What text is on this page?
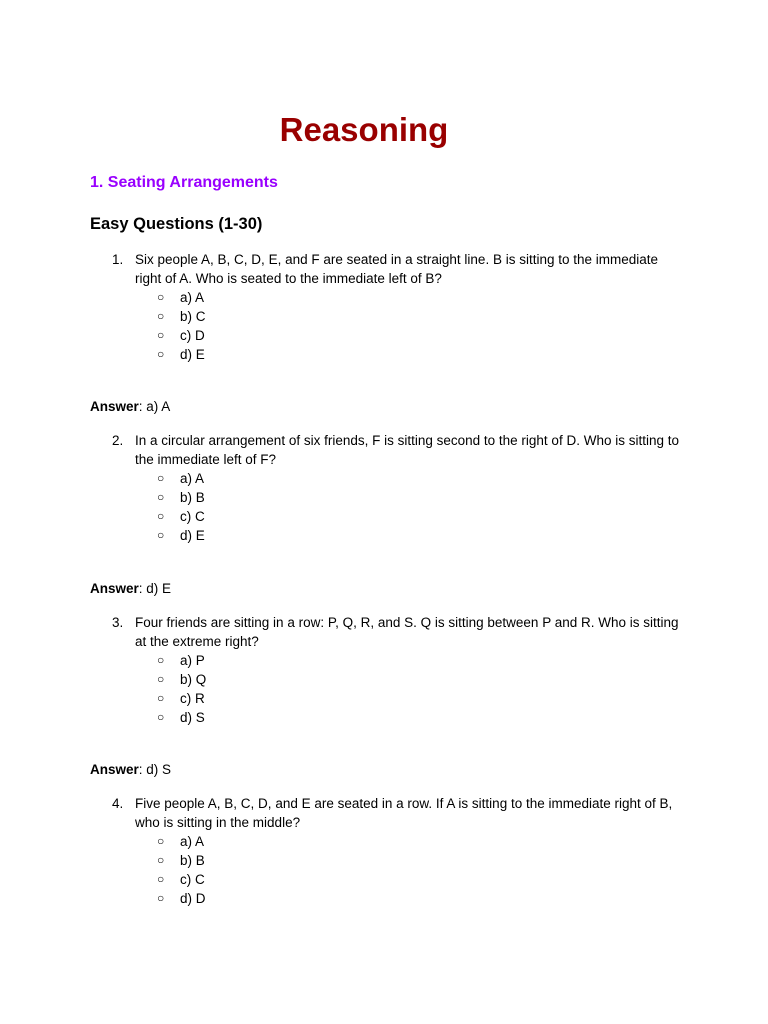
Reasoning
1. Seating Arrangements
Easy Questions (1-30)
1. Six people A, B, C, D, E, and F are seated in a straight line. B is sitting to the immediate right of A. Who is seated to the immediate left of B?

○ a) A
○ b) C
○ c) D
○ d) E
Answer: a) A
2. In a circular arrangement of six friends, F is sitting second to the right of D. Who is sitting to the immediate left of F?

○ a) A
○ b) B
○ c) C
○ d) E
Answer: d) E
3. Four friends are sitting in a row: P, Q, R, and S. Q is sitting between P and R. Who is sitting at the extreme right?

○ a) P
○ b) Q
○ c) R
○ d) S
Answer: d) S
4. Five people A, B, C, D, and E are seated in a row. If A is sitting to the immediate right of B, who is sitting in the middle?

○ a) A
○ b) B
○ c) C
○ d) D
